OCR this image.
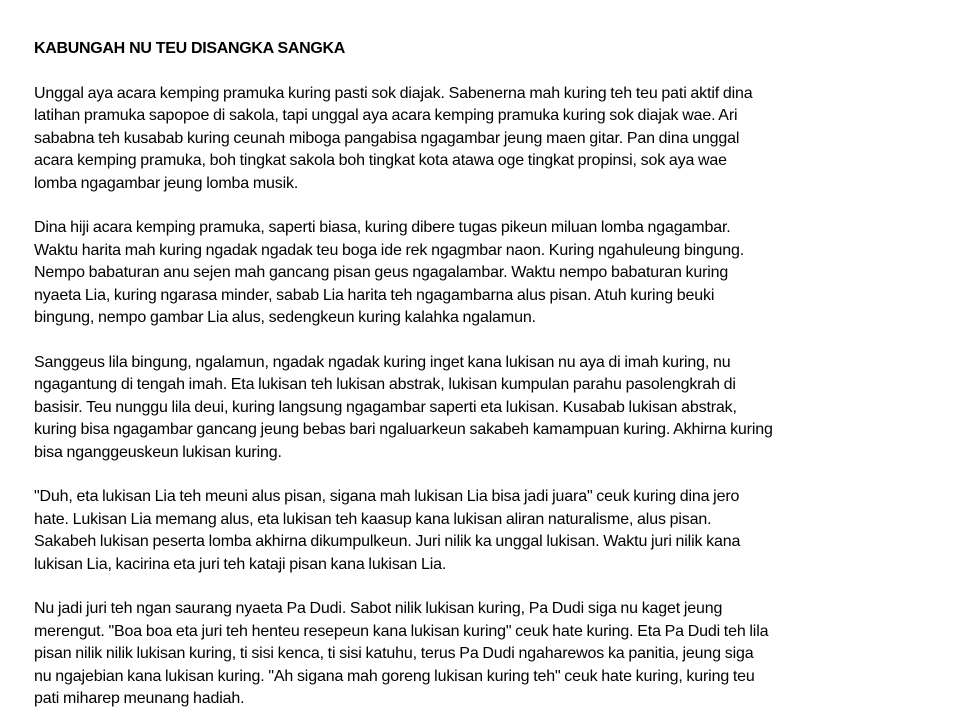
KABUNGAH NU TEU DISANGKA SANGKA
Unggal aya acara kemping pramuka kuring pasti sok diajak. Sabenerna mah kuring teh teu pati aktif dina
latihan pramuka sapopoe di sakola, tapi unggal aya acara kemping pramuka kuring sok diajak wae. Ari
sababna teh kusabab kuring ceunah miboga pangabisa ngagambar jeung maen gitar. Pan dina unggal
acara kemping pramuka, boh tingkat sakola boh tingkat kota atawa oge tingkat propinsi, sok aya wae
lomba ngagambar jeung lomba musik.
Dina hiji acara kemping pramuka, saperti biasa, kuring dibere tugas pikeun miluan lomba ngagambar.
Waktu harita mah kuring ngadak ngadak teu boga ide rek ngagmbar naon. Kuring ngahuleung bingung.
Nempo babaturan anu sejen mah gancang pisan geus ngagalambar. Waktu nempo babaturan kuring
nyaeta Lia, kuring ngarasa minder, sabab Lia harita teh ngagambarna alus pisan. Atuh kuring beuki
bingung, nempo gambar Lia alus, sedengkeun kuring kalahka ngalamun.
Sanggeus lila bingung, ngalamun, ngadak ngadak kuring inget kana lukisan nu aya di imah kuring, nu
ngagantung di tengah imah. Eta lukisan teh lukisan abstrak, lukisan kumpulan parahu pasolengkrah di
basisir. Teu nunggu lila deui, kuring langsung ngagambar saperti eta lukisan. Kusabab lukisan abstrak,
kuring bisa ngagambar gancang jeung bebas bari ngaluarkeun sakabeh kamampuan kuring. Akhirna kuring
bisa nganggeuskeun lukisan kuring.
"Duh, eta lukisan Lia teh meuni alus pisan, sigana mah lukisan Lia bisa jadi juara" ceuk kuring dina jero
hate. Lukisan Lia memang alus, eta lukisan teh kaasup kana lukisan aliran naturalisme, alus pisan.
Sakabeh lukisan peserta lomba akhirna dikumpulkeun. Juri nilik ka unggal lukisan. Waktu juri nilik kana
lukisan Lia, kacirina eta juri teh kataji pisan kana lukisan Lia.
Nu jadi juri teh ngan saurang nyaeta Pa Dudi. Sabot nilik lukisan kuring, Pa Dudi siga nu kaget jeung
merengut. "Boa boa eta juri teh henteu resepeun kana lukisan kuring" ceuk hate kuring. Eta Pa Dudi teh lila
pisan nilik nilik lukisan kuring, ti sisi kenca, ti sisi katuhu, terus Pa Dudi ngaharewos ka panitia, jeung siga
nu ngajebian kana lukisan kuring. "Ah sigana mah goreng lukisan kuring teh" ceuk hate kuring, kuring teu
pati miharep meunang hadiah.
